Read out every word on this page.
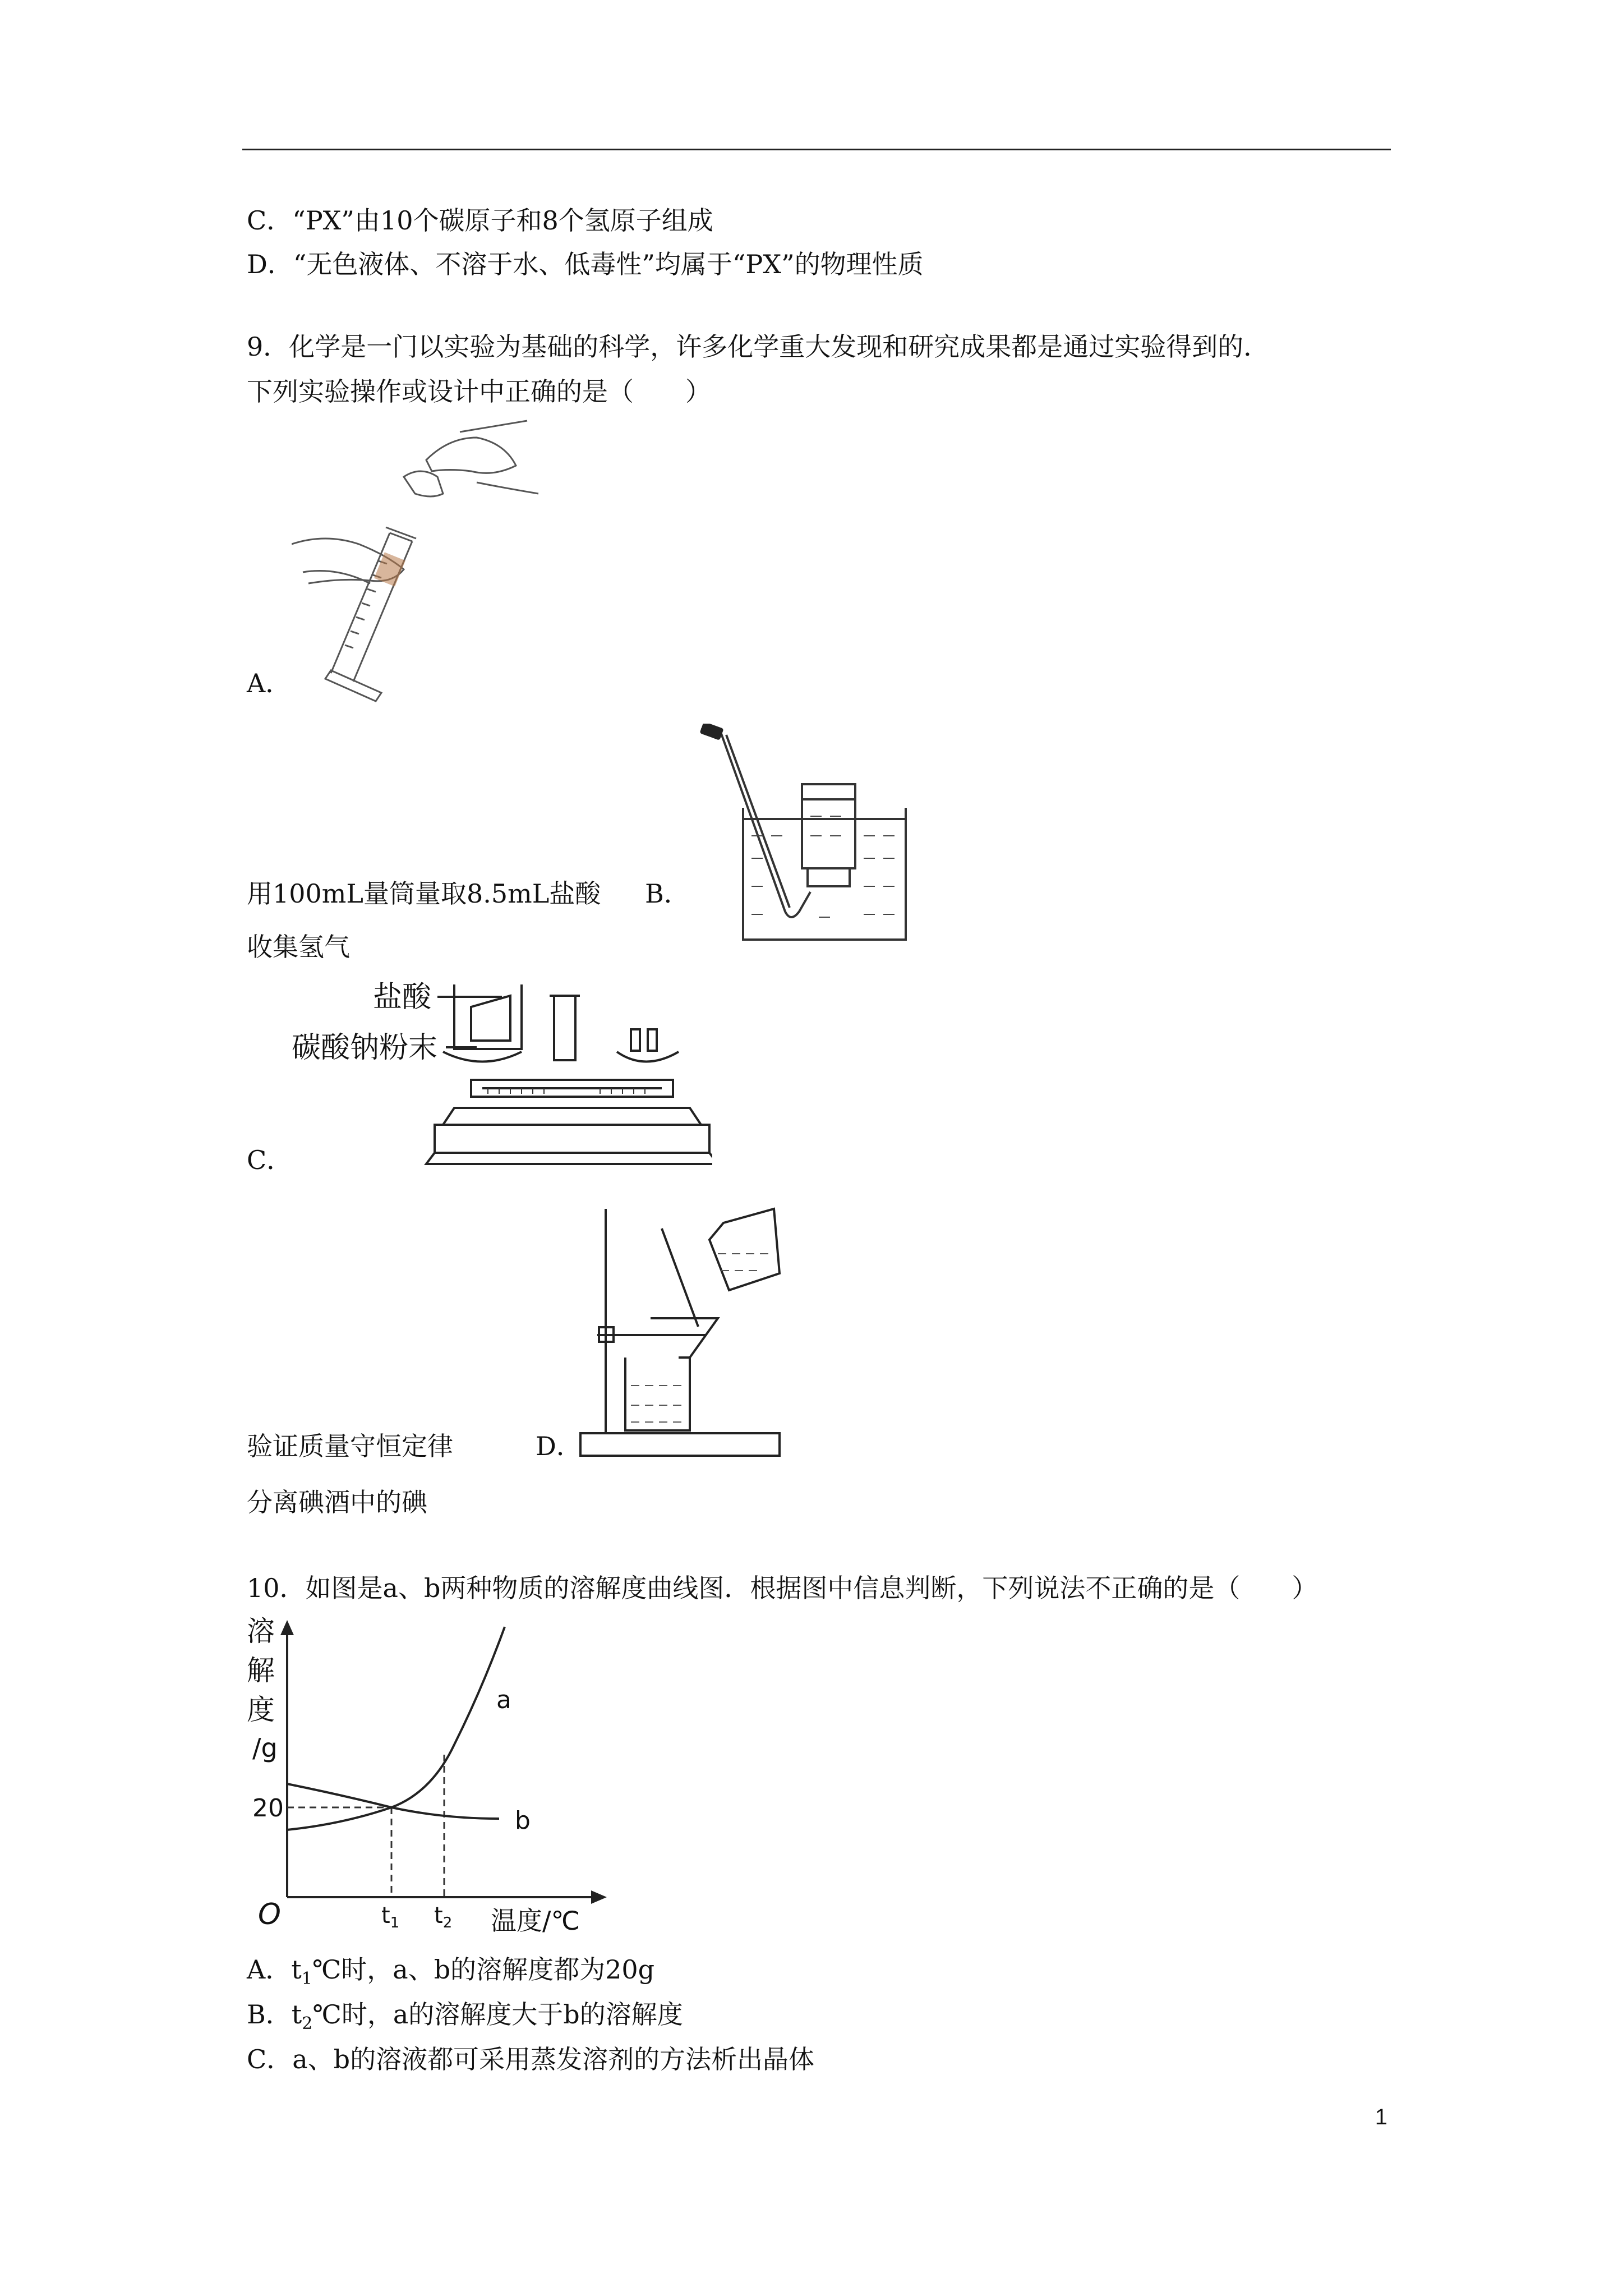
C．“PX”由10个碳原子和8个氢原子组成
D．“无色液体、不溶于水、低毒性”均属于“PX”的物理性质
9．化学是一门以实验为基础的科学，许多化学重大发现和研究成果都是通过实验得到的．
下列实验操作或设计中正确的是（　　）
A．
用100mL量筒量取8.5mL盐酸 B．
收集氢气
盐酸
碳酸钠粉末
C．
验证质量守恒定律	D．
分离碘酒中的碘
10．如图是a、b两种物质的溶解度曲线图．根据图中信息判断，下列说法不正确的是（　　）
溶
解
度
/g
a
b
20
O	$t_1$ $t_2$ 温度/℃
A．$t_1℃$时，a、b的溶解度都为20g
B．$t_2℃$时，a的溶解度大于b的溶解度
C．a、b的溶液都可采用蒸发溶剂的方法析出晶体
1
